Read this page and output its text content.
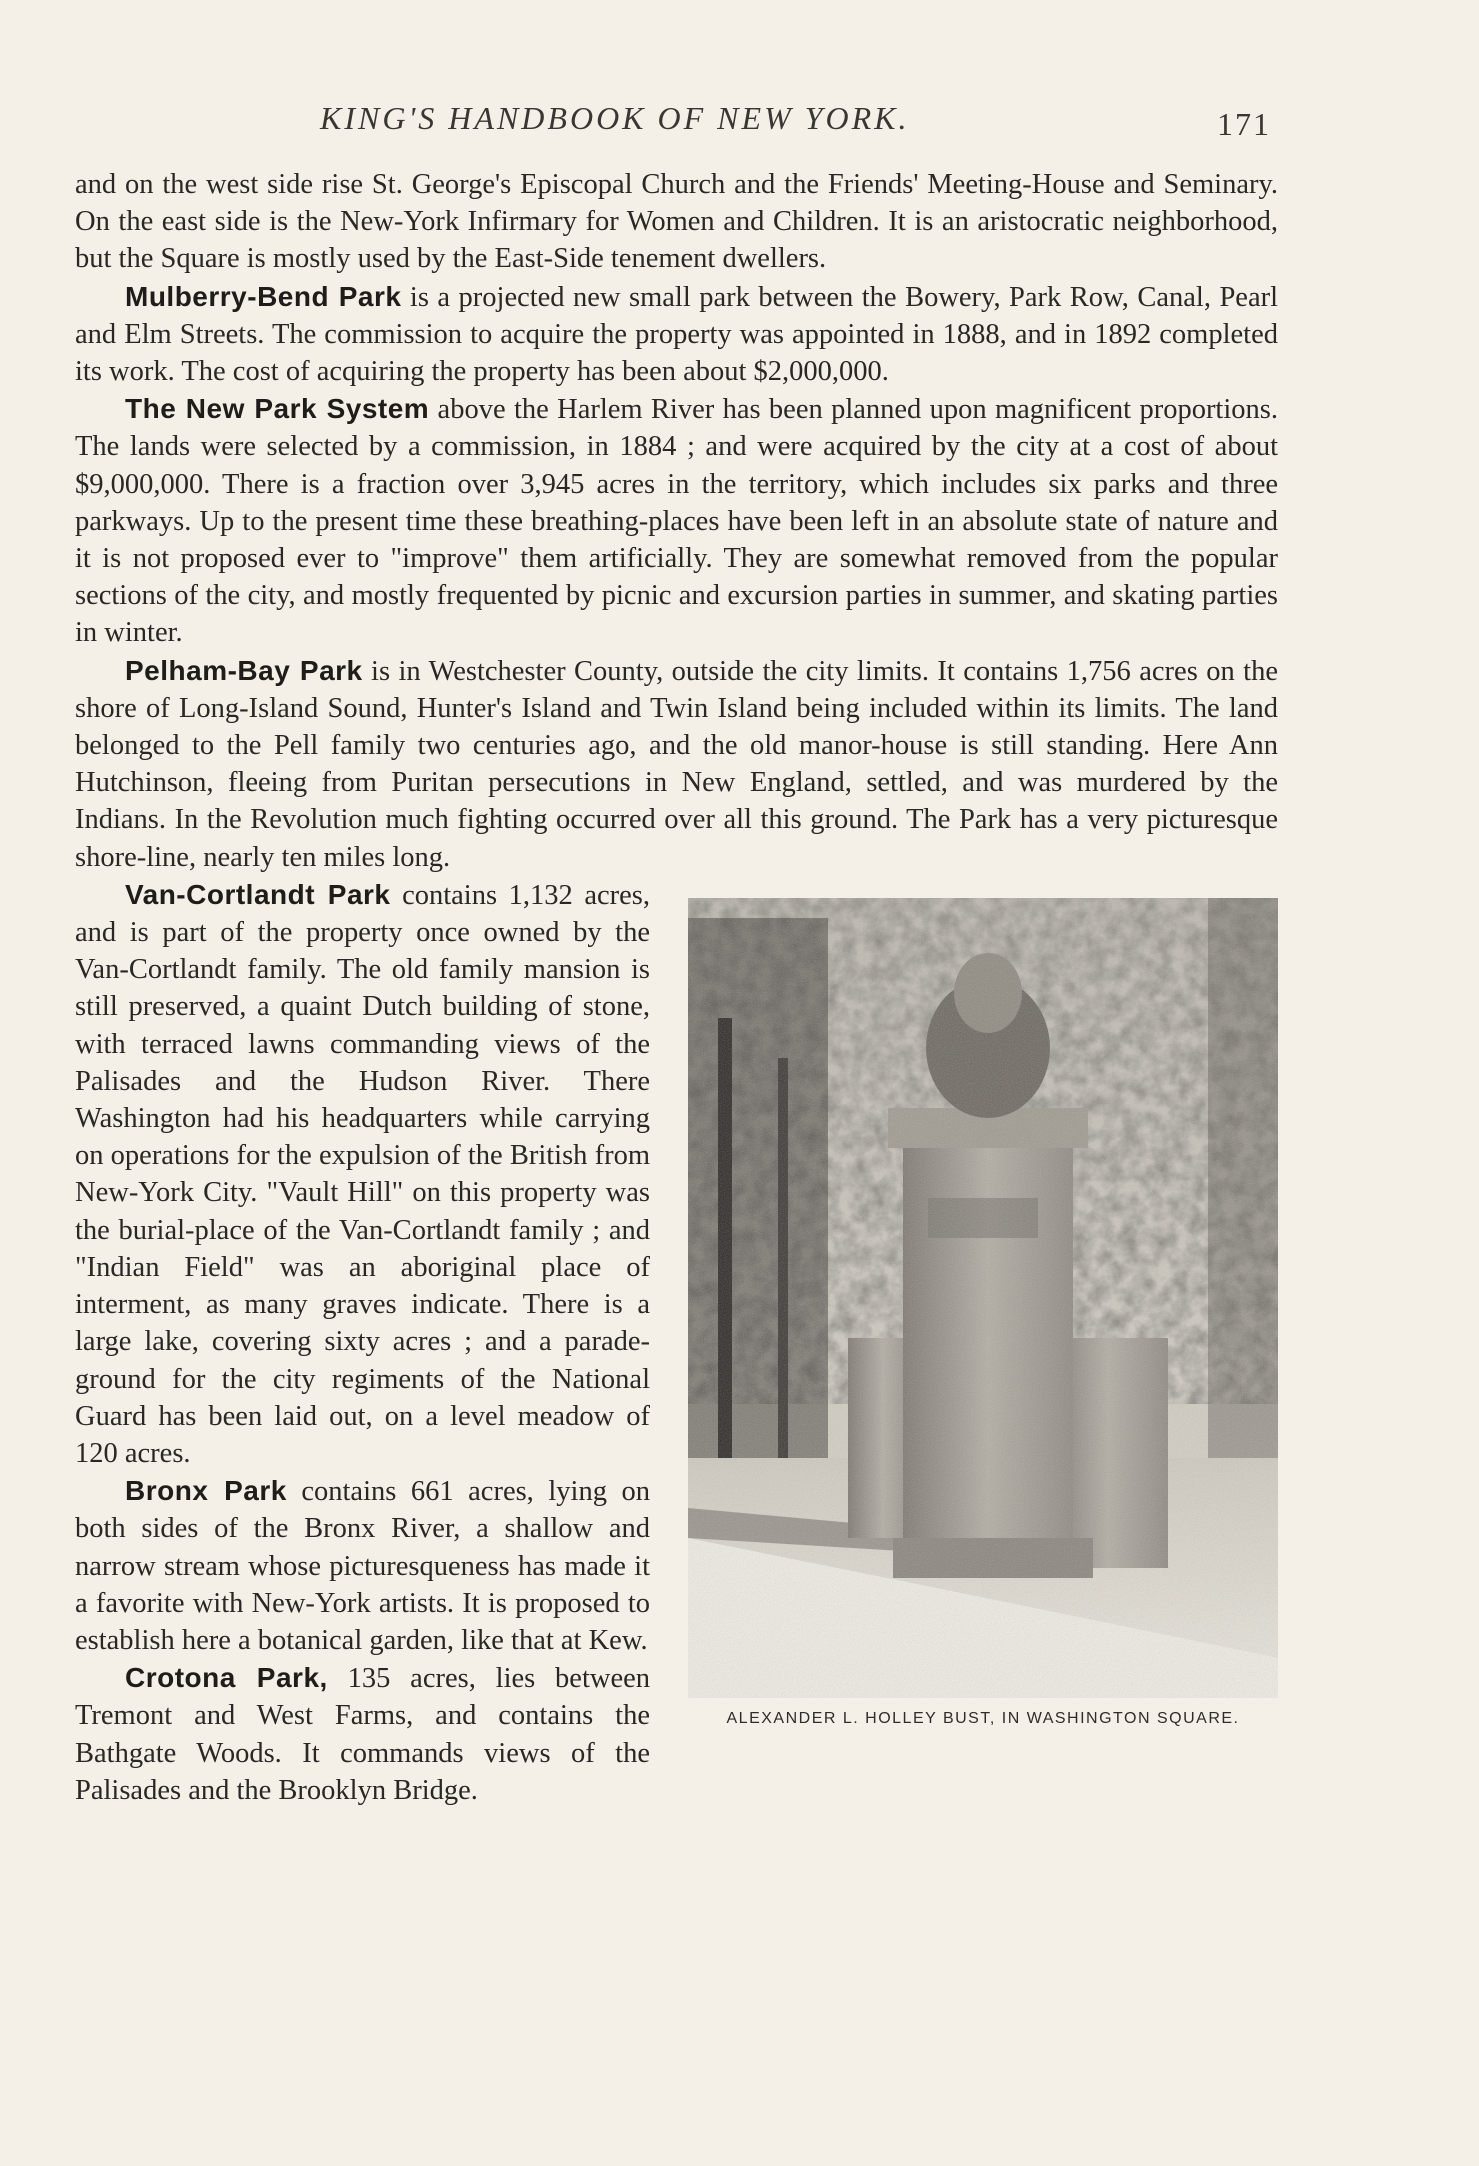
KING'S HANDBOOK OF NEW YORK.	171

and on the west side rise St. George's Episcopal Church and the Friends' Meeting-House and Seminary. On the east side is the New-York Infirmary for Women and Children. It is an aristocratic neighborhood, but the Square is mostly used by the East-Side tenement dwellers.

Mulberry-Bend Park is a projected new small park between the Bowery, Park Row, Canal, Pearl and Elm Streets. The commission to acquire the property was appointed in 1888, and in 1892 completed its work. The cost of acquiring the property has been about $2,000,000.

The New Park System above the Harlem River has been planned upon magnificent proportions. The lands were selected by a commission, in 1884 ; and were acquired by the city at a cost of about $9,000,000. There is a fraction over 3,945 acres in the territory, which includes six parks and three parkways. Up to the present time these breathing-places have been left in an absolute state of nature and it is not proposed ever to "improve" them artificially. They are somewhat removed from the popular sections of the city, and mostly frequented by picnic and excursion parties in summer, and skating parties in winter.

Pelham-Bay Park is in Westchester County, outside the city limits. It contains 1,756 acres on the shore of Long-Island Sound, Hunter's Island and Twin Island being included within its limits. The land belonged to the Pell family two centuries ago, and the old manor-house is still standing. Here Ann Hutchinson, fleeing from Puritan persecutions in New England, settled, and was murdered by the Indians. In the Revolution much fighting occurred over all this ground. The Park has a very picturesque shore-line, nearly ten miles long.

ALEXANDER L. HOLLEY BUST, IN WASHINGTON SQUARE.

Van-Cortlandt Park contains 1,132 acres, and is part of the property once owned by the Van-Cortlandt family. The old family mansion is still preserved, a quaint Dutch building of stone, with terraced lawns commanding views of the Palisades and the Hudson River. There Washington had his headquarters while carrying on operations for the expulsion of the British from New-York City. "Vault Hill" on this property was the burial-place of the Van-Cortlandt family ; and "Indian Field" was an aboriginal place of interment, as many graves indicate. There is a large lake, covering sixty acres ; and a parade-ground for the city regiments of the National Guard has been laid out, on a level meadow of 120 acres.

Bronx Park contains 661 acres, lying on both sides of the Bronx River, a shallow and narrow stream whose picturesqueness has made it a favorite with New-York artists. It is proposed to establish here a botanical garden, like that at Kew.

Crotona Park, 135 acres, lies between Tremont and West Farms, and contains the Bathgate Woods. It commands views of the Palisades and the Brooklyn Bridge.
